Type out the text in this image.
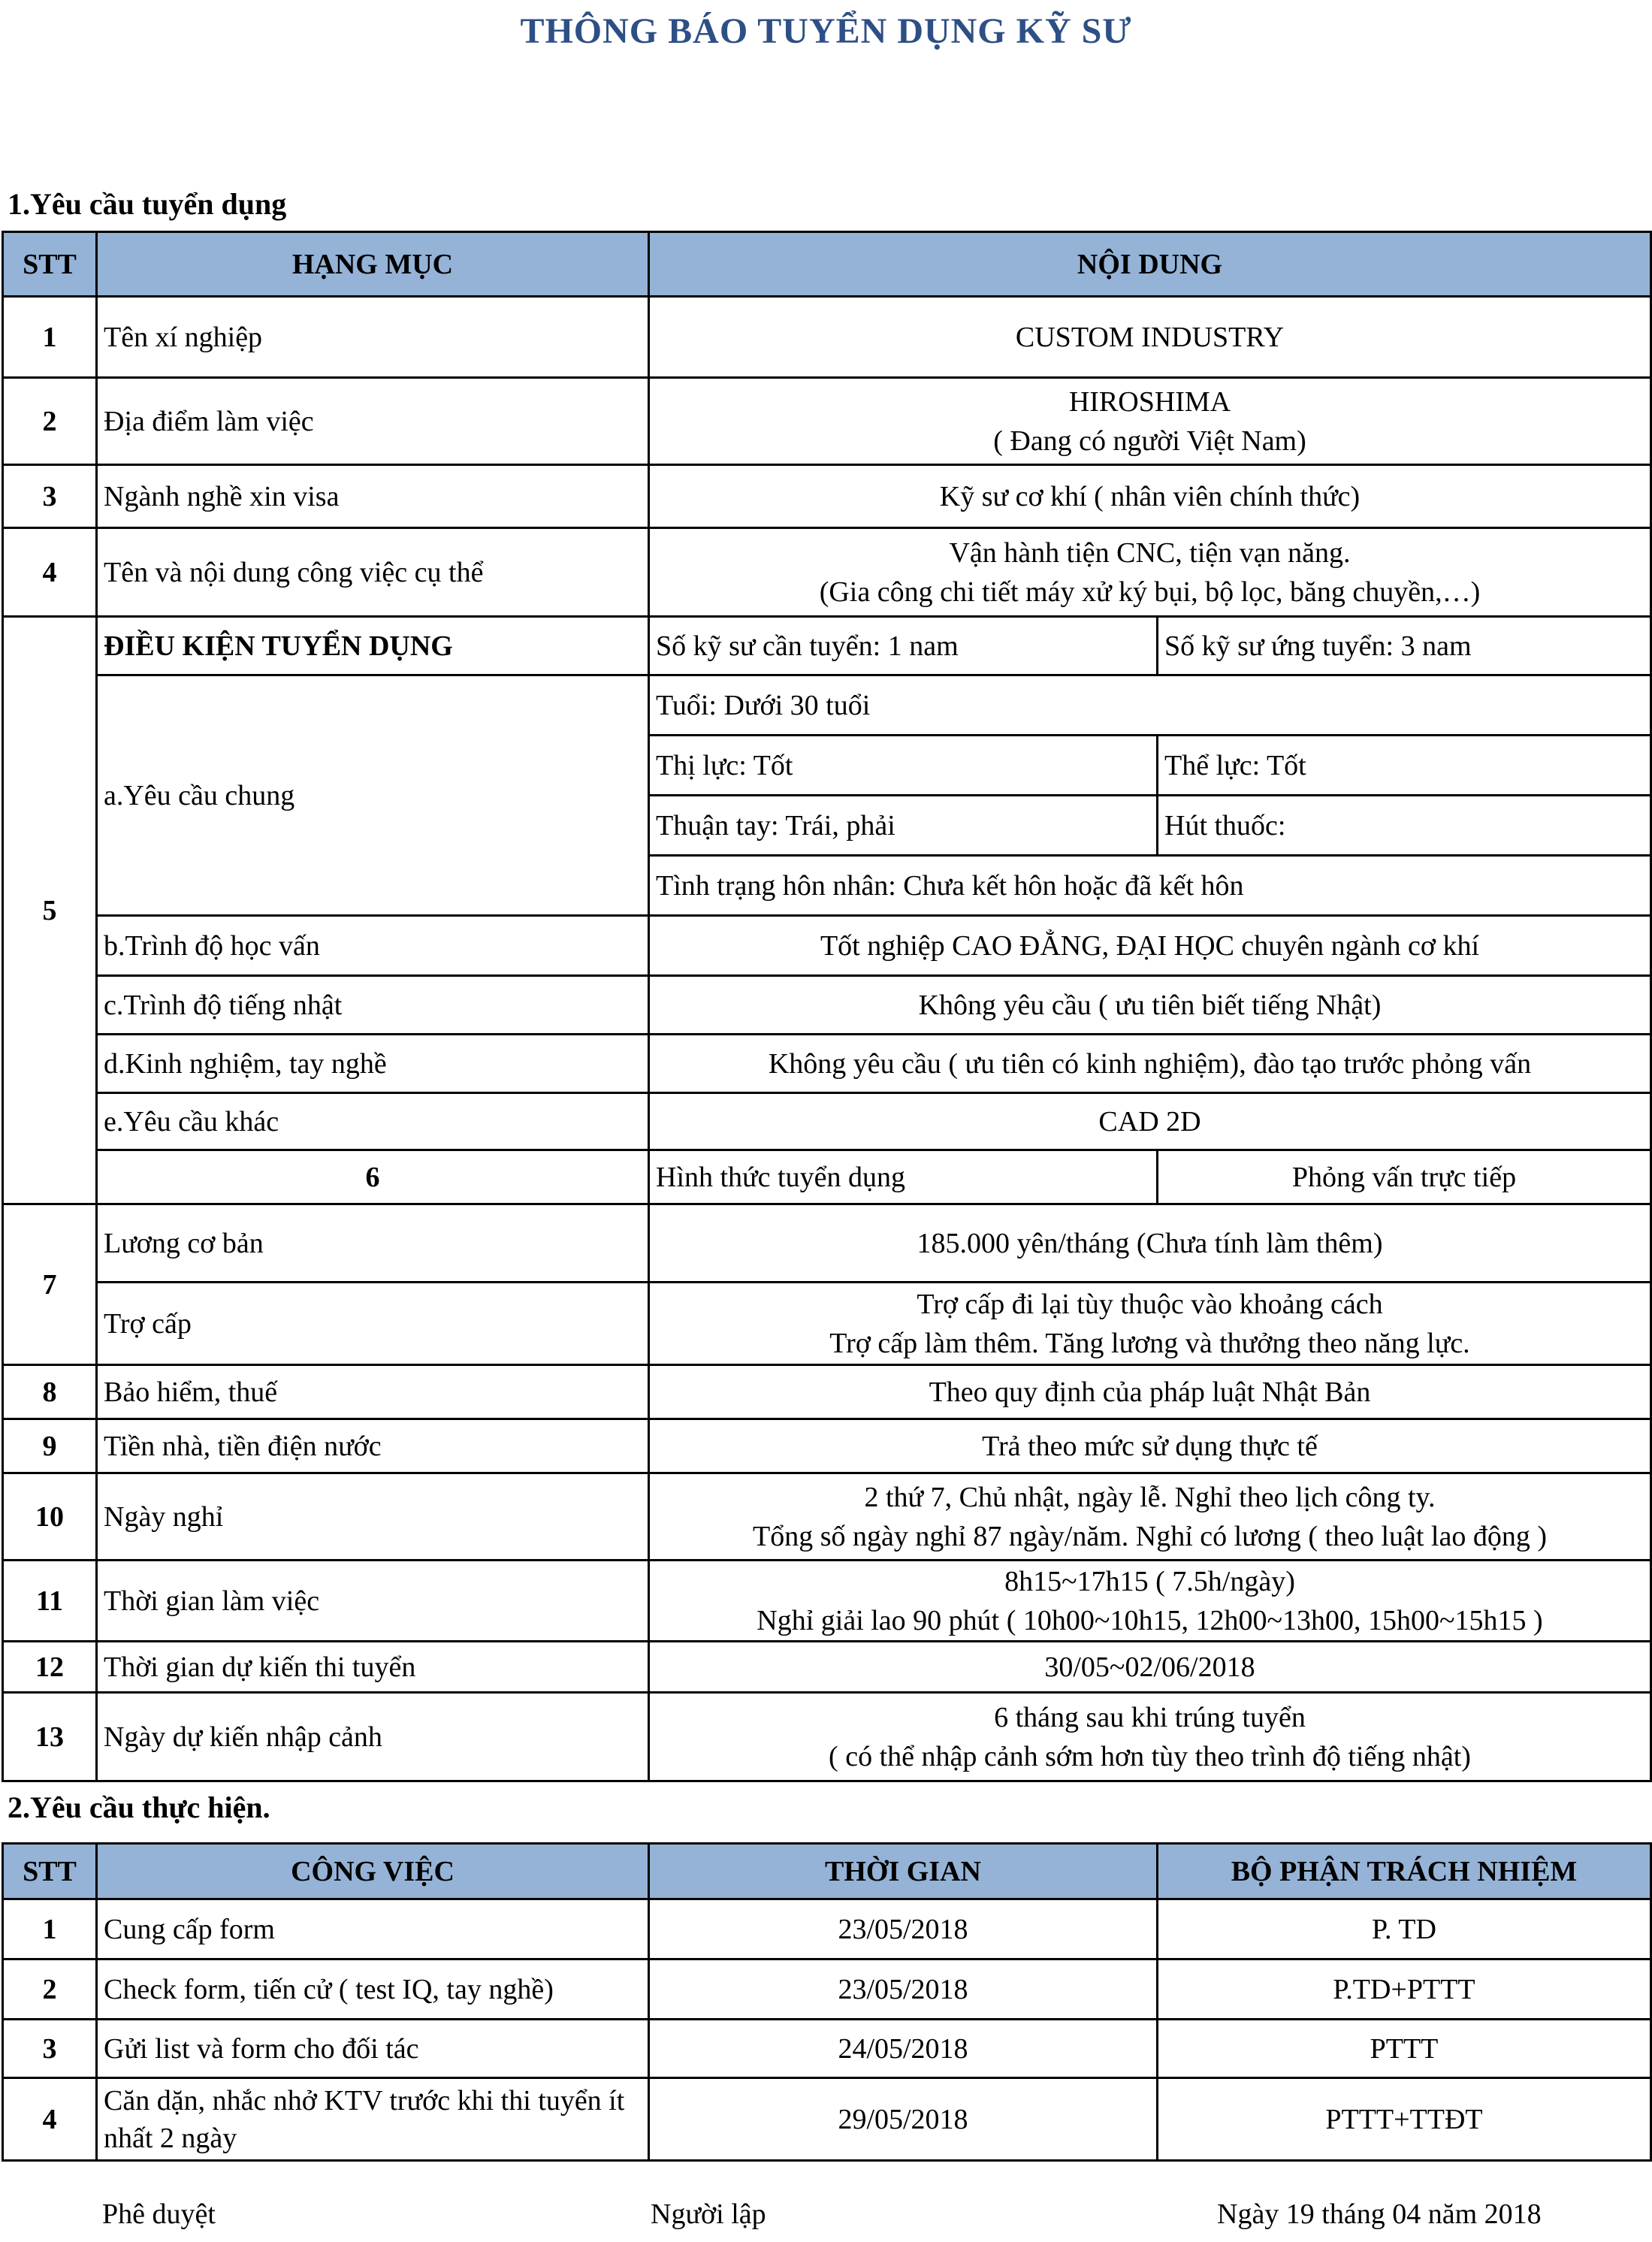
THÔNG BÁO TUYỂN DỤNG KỸ SƯ
1.Yêu cầu tuyển dụng
STT	HẠNG MỤC	NỘI DUNG	
1	Tên xí nghiệp	CUSTOM INDUSTRY	
2	Địa điểm làm việc	HIROSHIMA
( Đang có người Việt Nam)	

3	Ngành nghề xin visa	Kỹ sư cơ khí ( nhân viên chính thức)	
4	Tên và nội dung công việc cụ thể	Vận hành tiện CNC, tiện vạn năng.
(Gia công chi tiết máy xử ký bụi, bộ lọc, băng chuyền,…)	

5	ĐIỀU KIỆN TUYỂN DỤNG	Số kỹ sư cần tuyển: 1 nam	Số kỹ sư ứng tuyển: 3 nam
	a.Yêu cầu chung	Tuổi: Dưới 30 tuổi	
		Thị lực: Tốt	Thể lực: Tốt
		Thuận tay: Trái, phải	Hút thuốc:
		Tình trạng hôn nhân: Chưa kết hôn hoặc đã kết hôn	
	b.Trình độ học vấn	Tốt nghiệp CAO ĐẲNG, ĐẠI HỌC chuyên ngành cơ khí	
	c.Trình độ tiếng nhật	Không yêu cầu ( ưu tiên biết tiếng Nhật)	
	d.Kinh nghiệm, tay nghề	Không yêu cầu ( ưu tiên có kinh nghiệm), đào tạo trước phỏng vấn	
	e.Yêu cầu khác	CAD 2D	
	6	Hình thức tuyển dụng	Phỏng vấn trực tiếp
7	Lương cơ bản	185.000 yên/tháng (Chưa tính làm thêm)	
	Trợ cấp	Trợ cấp đi lại tùy thuộc vào khoảng cách
Trợ cấp làm thêm. Tăng lương và thưởng theo năng lực.	

8	Bảo hiểm, thuế	Theo quy định của pháp luật Nhật Bản	
9	Tiền nhà, tiền điện nước	Trả theo mức sử dụng thực tế	
10	Ngày nghỉ	2 thứ 7, Chủ nhật, ngày lễ. Nghỉ theo lịch công ty.
Tổng số ngày nghỉ 87 ngày/năm. Nghỉ có lương ( theo luật lao động )	

11	Thời gian làm việc	8h15~17h15 ( 7.5h/ngày)
Nghỉ giải lao 90 phút ( 10h00~10h15, 12h00~13h00, 15h00~15h15 )	

12	Thời gian dự kiến thi tuyển	30/05~02/06/2018	
13	Ngày dự kiến nhập cảnh	6 tháng sau khi trúng tuyển
( có thể nhập cảnh sớm hơn tùy theo trình độ tiếng nhật)	
2.Yêu cầu thực hiện.
STT	CÔNG VIỆC	THỜI GIAN	BỘ PHẬN TRÁCH NHIỆM
1	Cung cấp form	23/05/2018	P. TD
2	Check form, tiến cử ( test IQ, tay nghề)	23/05/2018	P.TD+PTTT
3	Gửi list và form cho đối tác	24/05/2018	PTTT
4	Căn dặn, nhắc nhở KTV trước khi thi tuyển ít nhất 2 ngày	29/05/2018	PTTT+TTĐT
Phê duyệt	Người lập	Ngày 19 tháng 04 năm 2018
